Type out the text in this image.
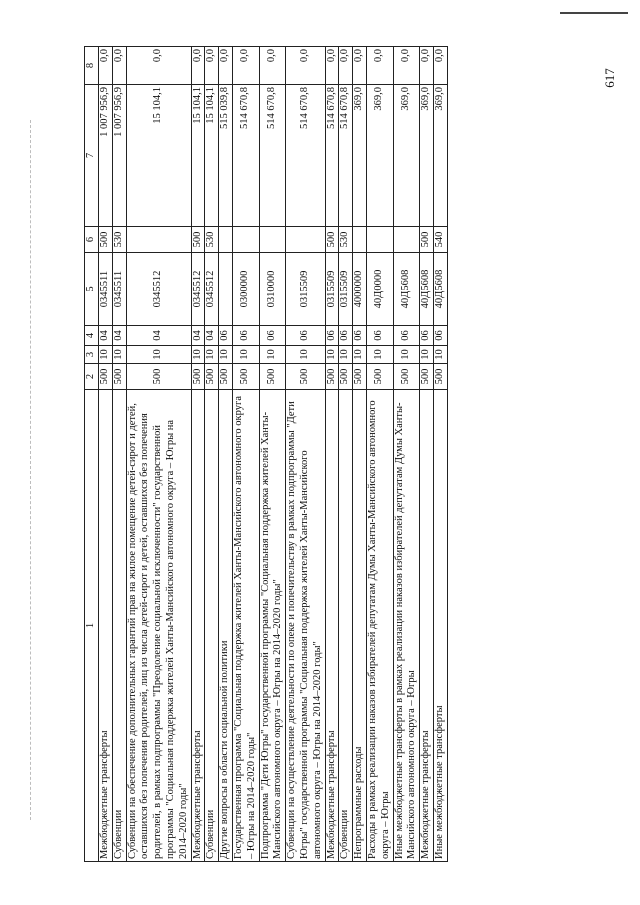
617
1	2	3	4	5	6	7	8
Межбюджетные трансферты	500	10	04	0345511	500	1 007 956,9	0,0
Субвенции	500	10	04	0345511	530	1 007 956,9	0,0
Субвенции на обеспечение дополнительных гарантий прав на жилое помещение детей-сирот и детей, оставшихся без попечения родителей, лиц из числа детей-сирот и детей, оставшихся без попечения родителей, в рамках подпрограммы "Преодоление социальной исключенности" государственной программы "Социальная поддержка жителей Ханты-Мансийского автономного округа – Югры на 2014–2020 годы"	500	10	04	0345512		15 104,1	0,0
Межбюджетные трансферты	500	10	04	0345512	500	15 104,1	0,0
Субвенции	500	10	04	0345512	530	15 104,1	0,0
Другие вопросы в области социальной политики	500	10	06			515 039,8	0,0
Государственная программа "Социальная поддержка жителей Ханты-Мансийского автономного округа – Югры на 2014–2020 годы"	500	10	06	0300000		514 670,8	0,0
Подпрограмма "Дети Югры" государственной программы "Социальная поддержка жителей Ханты-Мансийского автономного округа – Югры на 2014–2020 годы"	500	10	06	0310000		514 670,8	0,0
Субвенции на осуществление деятельности по опеке и попечительству в рамках подпрограммы "Дети Югры" государственной программы "Социальная поддержка жителей Ханты-Мансийского автономного округа – Югры на 2014–2020 годы"	500	10	06	0315509		514 670,8	0,0
Межбюджетные трансферты	500	10	06	0315509	500	514 670,8	0,0
Субвенции	500	10	06	0315509	530	514 670,8	0,0
Непрограммные расходы	500	10	06	4000000		369,0	0,0
Расходы в рамках реализации наказов избирателей депутатам Думы Ханты-Мансийского автономного округа – Югры	500	10	06	40Д0000		369,0	0,0
Иные межбюджетные трансферты в рамках реализации наказов избирателей депутатам Думы Ханты-Мансийского автономного округа – Югры	500	10	06	40Д5608		369,0	0,0
Межбюджетные трансферты	500	10	06	40Д5608	500	369,0	0,0
Иные межбюджетные трансферты	500	10	06	40Д5608	540	369,0	0,0
